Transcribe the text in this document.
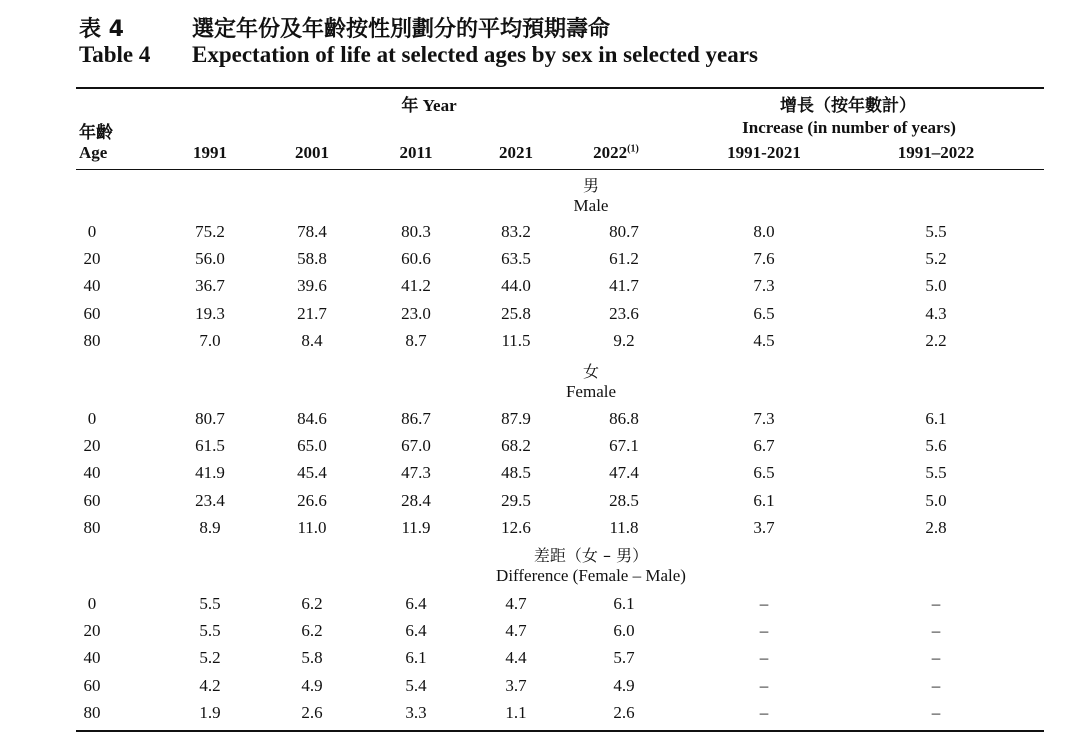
表 4	選定年份及年齡按性別劃分的平均預期壽命
Table 4	Expectation of life at selected ages by sex in selected years
年齡
Age
年 Year	增長（按年數計）
Increase (in number of years)
1991	2001	2011	2021	2022$^{(1)}$	1991-2021	1991–2022
男
Male
0	75.2	78.4	80.3	83.2	80.7	8.0	5.5
20	56.0	58.8	60.6	63.5	61.2	7.6	5.2
40	36.7	39.6	41.2	44.0	41.7	7.3	5.0
60	19.3	21.7	23.0	25.8	23.6	6.5	4.3
80	7.0	8.4	8.7	11.5	9.2	4.5	2.2
女
Female
0	80.7	84.6	86.7	87.9	86.8	7.3	6.1
20	61.5	65.0	67.0	68.2	67.1	6.7	5.6
40	41.9	45.4	47.3	48.5	47.4	6.5	5.5
60	23.4	26.6	28.4	29.5	28.5	6.1	5.0
80	8.9	11.0	11.9	12.6	11.8	3.7	2.8
差距（女 – 男）
Difference (Female – Male)
0	5.5	6.2	6.4	4.7	6.1	–	–
20	5.5	6.2	6.4	4.7	6.0	–	–
40	5.2	5.8	6.1	4.4	5.7	–	–
60	4.2	4.9	5.4	3.7	4.9	–	–
80	1.9	2.6	3.3	1.1	2.6	–	–
